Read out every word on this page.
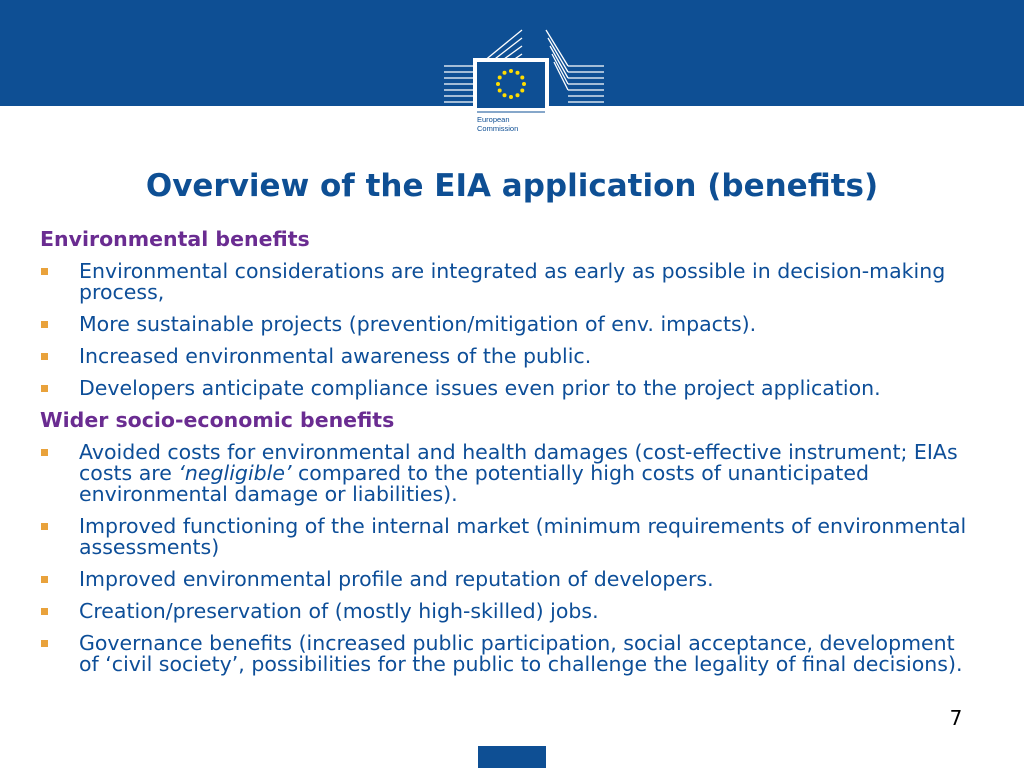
European
Commission
Overview of the EIA application (benefits)
Environmental benefits
Environmental considerations are integrated as early as possible in decision-making process,
More sustainable projects (prevention/mitigation of env. impacts).
Increased environmental awareness of the public.
Developers anticipate compliance issues even prior to the project application.
Wider socio-economic benefits
Avoided costs for environmental and health damages (cost-effective instrument; EIAs costs are ‘negligible’ compared to the potentially high costs of unanticipated environmental damage or liabilities).
Improved functioning of the internal market (minimum requirements of environmental assessments)
Improved environmental profile and reputation of developers.
Creation/preservation of (mostly high-skilled) jobs.
Governance benefits (increased public participation, social acceptance, development of ‘civil society’, possibilities for the public to challenge the legality of final decisions).
7
